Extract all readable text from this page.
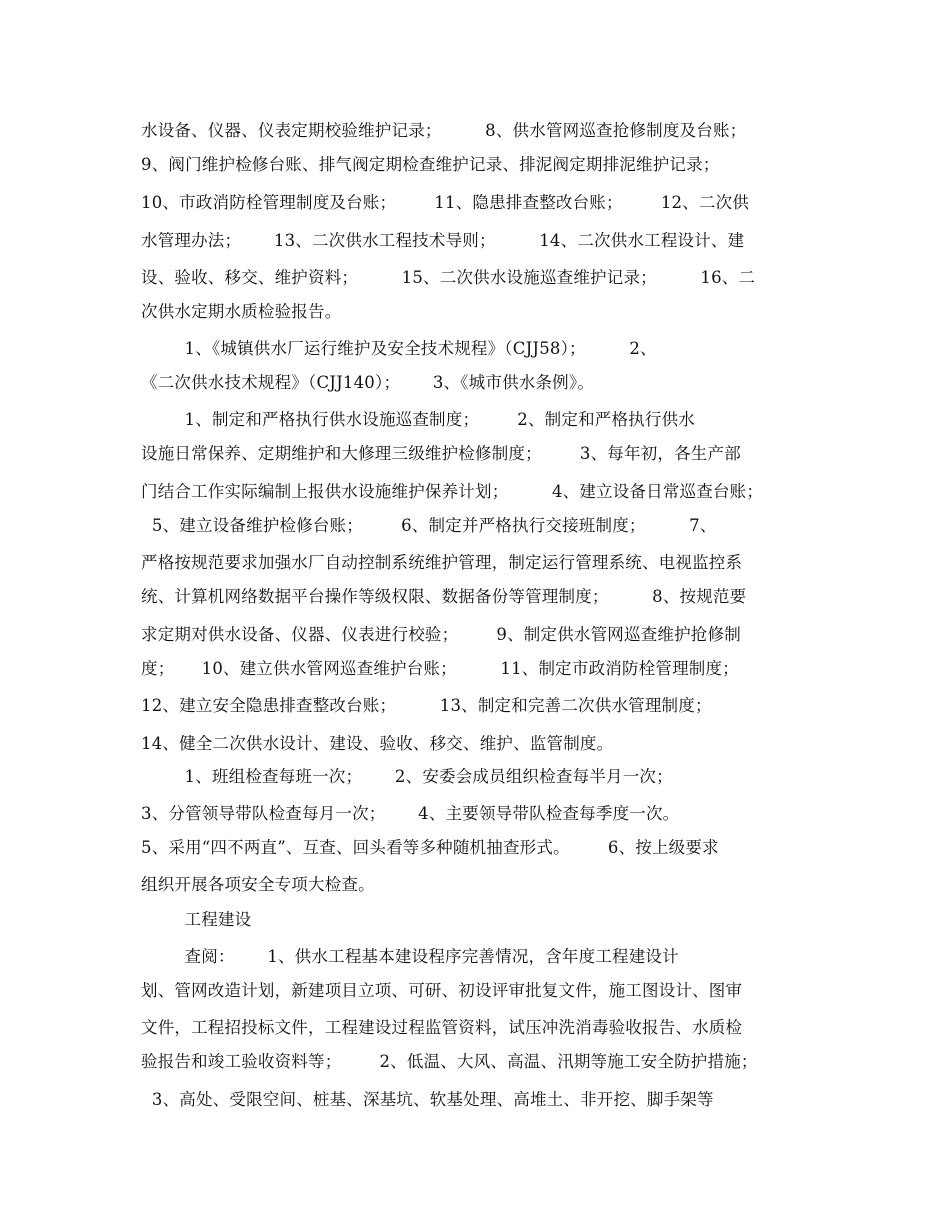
水设备、仪器、仪表定期校验维护记录；        8、供水管网巡查抢修制度及台账；
9、阀门维护检修台账、排气阀定期检查维护记录、排泥阀定期排泥维护记录；
10、市政消防栓管理制度及台账；       11、隐患排查整改台账；       12、二次供
水管理办法；      13、二次供水工程技术导则；        14、二次供水工程设计、建
设、验收、移交、维护资料；        15、二次供水设施巡查维护记录；        16、二
次供水定期水质检验报告。
1、《城镇供水厂运行维护及安全技术规程》（CJJ58）；        2、
《二次供水技术规程》（CJJ140）；      3、《城市供水条例》。
1、制定和严格执行供水设施巡查制度；       2、制定和严格执行供水
设施日常保养、定期维护和大修理三级维护检修制度；       3、每年初，各生产部
门结合工作实际编制上报供水设施维护保养计划；        4、建立设备日常巡查台账；
5、建立设备维护检修台账；       6、制定并严格执行交接班制度；        7、
严格按规范要求加强水厂自动控制系统维护管理，制定运行管理系统、电视监控系
统、计算机网络数据平台操作等级权限、数据备份等管理制度；        8、按规范要
求定期对供水设备、仪器、仪表进行校验；       9、制定供水管网巡查维护抢修制
度；     10、建立供水管网巡查维护台账；        11、制定市政消防栓管理制度；
12、建立安全隐患排查整改台账；        13、制定和完善二次供水管理制度；
14、健全二次供水设计、建设、验收、移交、维护、监管制度。
1、班组检查每班一次；      2、安委会成员组织检查每半月一次；
3、分管领导带队检查每月一次；      4、主要领导带队检查每季度一次。
5、采用“四不两直”、互查、回头看等多种随机抽查形式。       6、按上级要求
组织开展各项安全专项大检查。
工程建设
查阅：      1、供水工程基本建设程序完善情况，含年度工程建设计
划、管网改造计划，新建项目立项、可研、初设评审批复文件，施工图设计、图审
文件，工程招投标文件，工程建设过程监管资料，试压冲洗消毒验收报告、水质检
验报告和竣工验收资料等；       2、低温、大风、高温、汛期等施工安全防护措施；
3、高处、受限空间、桩基、深基坑、软基处理、高堆土、非开挖、脚手架等
